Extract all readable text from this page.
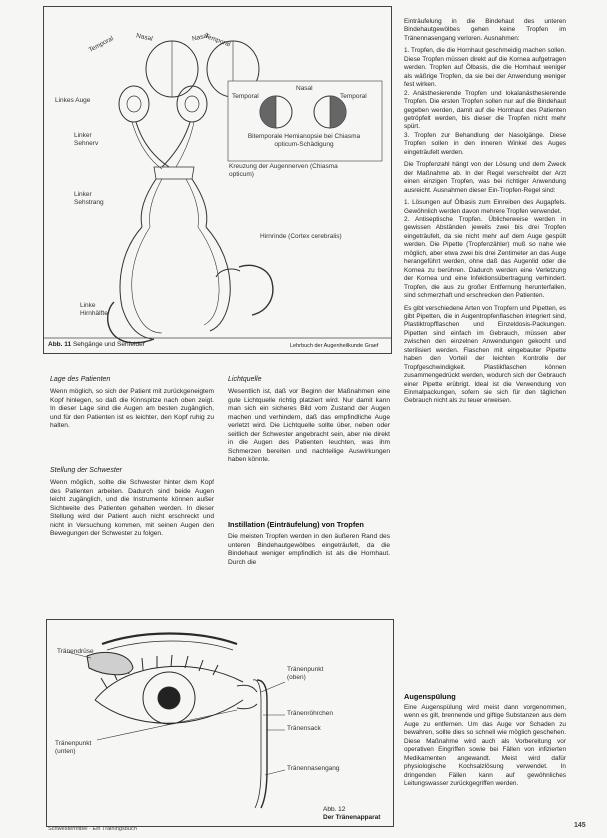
Temporal	Nasal	Nasal
Temporal
Linkes Auge
Linker Sehnerv
Linker Sehstrang
Kreuzung der Augennerven (Chiasma opticum)
Hirnrinde (Cortex cerebralis)
Linke Hirnhälfte
Nasal
Temporal	Temporal
Bitemporale Hemianopsie bei Chiasma opticum-Schädigung
Abb. 11 Sehgänge und Sehfelder	Lehrbuch der Augenheilkunde Graef
Lage des Patienten

Wenn möglich, so sich der Patient mit zurückgeneigtem Kopf hinlegen, so daß die Kinnspitze nach oben zeigt. In dieser Lage sind die Augen am besten zugänglich, und für den Patienten ist es leichter, den Kopf ruhig zu halten.

Stellung der Schwester

Wenn möglich, sollte die Schwester hinter dem Kopf des Patienten arbeiten. Dadurch sind beide Augen leicht zugänglich, und die Instrumente können außer Sichtweite des Patienten gehalten werden. In dieser Stellung wird der Patient auch nicht erschreckt und nicht in Versuchung kommen, mit seinen Augen den Bewegungen der Schwester zu folgen.

Lichtquelle

Wesentlich ist, daß vor Beginn der Maßnahmen eine gute Lichtquelle richtig platziert wird. Nur damit kann man sich ein sicheres Bild vom Zustand der Augen machen und verhindern, daß das empfindliche Auge verletzt wird. Die Lichtquelle sollte über, neben oder seitlich der Schwester angebracht sein, aber nie direkt in die Augen des Patienten leuchten, was ihm Schmerzen bereiten und nachteilige Auswirkungen haben könnte.

Instillation (Einträufelung) von Tropfen

Die meisten Tropfen werden in den äußeren Rand des unteren Bindehautgewölbes eingeträufelt, da die Bindehaut weniger empfindlich ist als die Hornhaut. Durch die

Tränendrüse
Tränenpunkt (oben)
Tränenpunkt (unten)
Tränenröhrchen
Tränensack
Tränennasengang
Abb. 12
Der Tränenapparat

Einträufelung in die Bindehaut des unteren Bindehautgewölbes gehen keine Tropfen im Tränennasengang verloren. Ausnahmen:

1. Tropfen, die die Hornhaut geschmeidig machen sollen. Diese Tropfen müssen direkt auf die Kornea aufgetragen werden. Tropfen auf Ölbasis, die die Hornhaut weniger als wäßrige Tropfen, da sie bei der Anwendung weniger fest wirken.
2. Anästhesierende Tropfen und lokalanästhesierende Tropfen. Die ersten Tropfen sollen nur auf die Bindehaut gegeben werden, damit auf die Hornhaut des Patienten getröpfelt werden, bis dieser die Tropfen nicht mehr spürt.
3. Tropfen zur Behandlung der Nasolgänge. Diese Tropfen sollen in den inneren Winkel des Auges eingeträufelt werden.

Die Tropfenzahl hängt von der Lösung und dem Zweck der Maßnahme ab. In der Regel verschreibt der Arzt einen einzigen Tropfen, was bei richtiger Anwendung ausreicht. Ausnahmen dieser Ein-Tropfen-Regel sind:

1. Lösungen auf Ölbasis zum Einreiben des Augapfels. Gewöhnlich werden davon mehrere Tropfen verwendet.
2. Antiseptische Tropfen. Üblicherweise werden in gewissen Abständen jeweils zwei bis drei Tropfen eingeträufelt, da sie nicht mehr auf dem Auge gespült werden. Die Pipette (Tropfenzähler) muß so nahe wie möglich, aber etwa zwei bis drei Zentimeter an das Auge herangeführt werden, ohne daß das Augenlid oder die Kornea zu berühren. Dadurch werden eine Verletzung der Kornea und eine Infektionsübertragung verhindert. Tropfen, die aus zu großer Entfernung herunterfallen, sind schmerzhaft und erschrecken den Patienten.

Es gibt verschiedene Arten von Tropfern und Pipetten, es gibt Pipetten, die in Augentropfenflaschen integriert sind, Plastiktropfflaschen und Einzeldosis-Packungen. Pipetten sind einfach im Gebrauch, müssen aber zwischen den einzelnen Anwendungen gekocht und sterilisiert werden. Flaschen mit eingebauter Pipette haben den Vorteil der leichten Kontrolle der Tropfgeschwindigkeit. Plastikflaschen können zusammengedrückt werden, wodurch sich der Gebrauch einer Pipette erübrigt. Ideal ist die Verwendung von Einmalpackungen, sofern sie sich für den täglichen Gebrauch nicht als zu teuer erweisen.

Augenspülung

Eine Augenspülung wird meist dann vorgenommen, wenn es gilt, brennende und giftige Substanzen aus dem Auge zu entfernen. Um das Auge vor Schaden zu bewahren, sollte dies so schnell wie möglich geschehen. Diese Maßnahme wird auch als Vorbereitung vor operativen Eingriffen sowie bei Fällen von infizierten Medikamenten angewandt. Meist wird dafür physiologische Kochsalzlösung verwendet. In dringenden Fällen kann auf gewöhnliches Leitungswasser zurückgegriffen werden.

Schwesternfibel · Ein Trainingsbuch	145
